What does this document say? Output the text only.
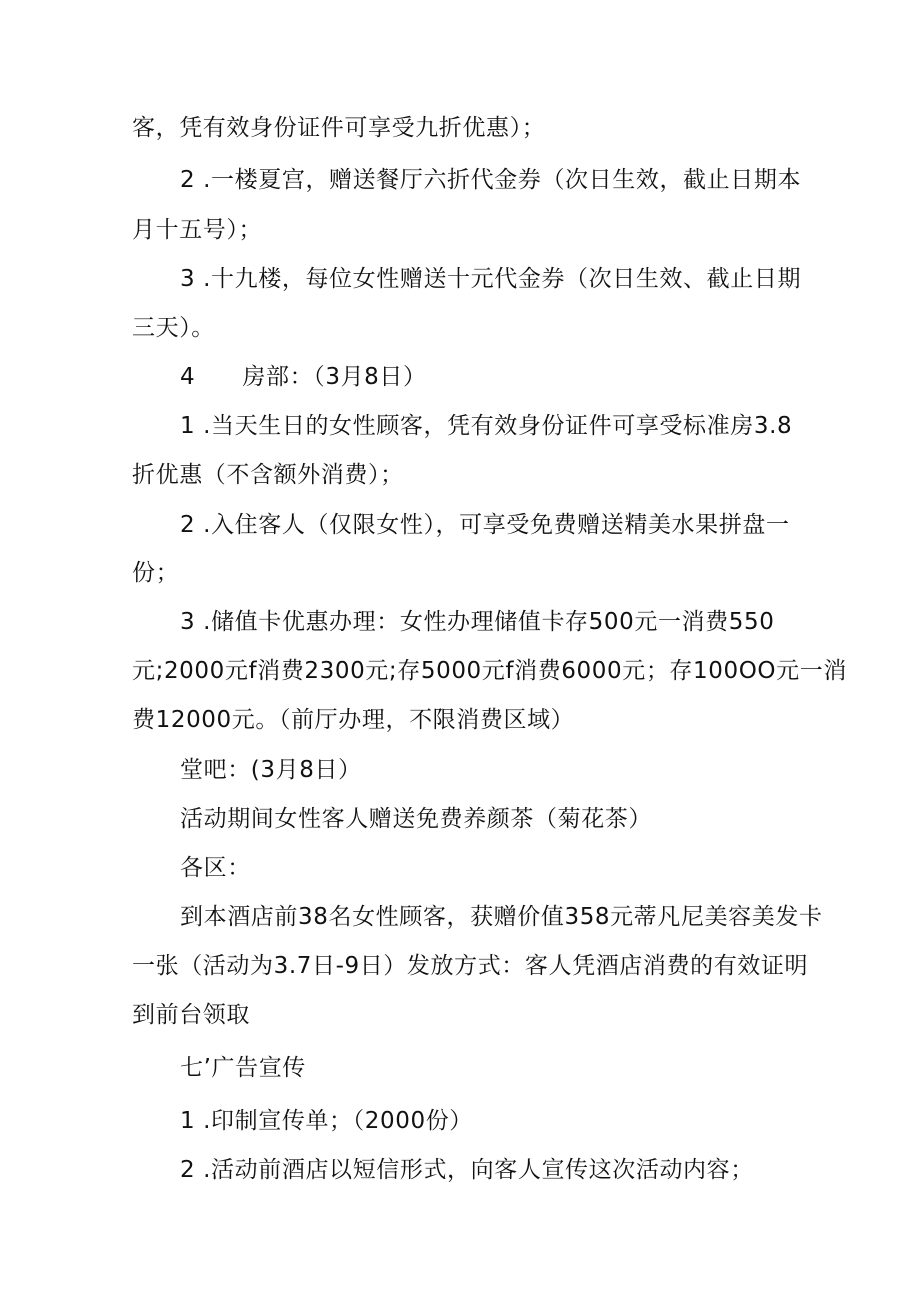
客，凭有效身份证件可享受九折优惠）；
2 .一楼夏宫，赠送餐厅六折代金券（次日生效，截止日期本
月十五号）；
3 .十九楼，每位女性赠送十元代金券（次日生效、截止日期
三天）。
4　　房部：（3月8日）
1 .当天生日的女性顾客，凭有效身份证件可享受标准房3.8
折优惠（不含额外消费）；
2 .入住客人（仅限女性），可享受免费赠送精美水果拼盘一
份；
3 .储值卡优惠办理：女性办理储值卡存500元一消费550
元;2000元f消费2300元;存5000元f消费6000元；存100OO元一消
费12000元。（前厅办理，不限消费区域）
堂吧：(3月8日）
活动期间女性客人赠送免费养颜茶（菊花茶）
各区：
到本酒店前38名女性顾客，获赠价值358元蒂凡尼美容美发卡
一张（活动为3.7日-9日）发放方式：客人凭酒店消费的有效证明
到前台领取
七’广告宣传
1 .印制宣传单；（2000份）
2 .活动前酒店以短信形式，向客人宣传这次活动内容；
